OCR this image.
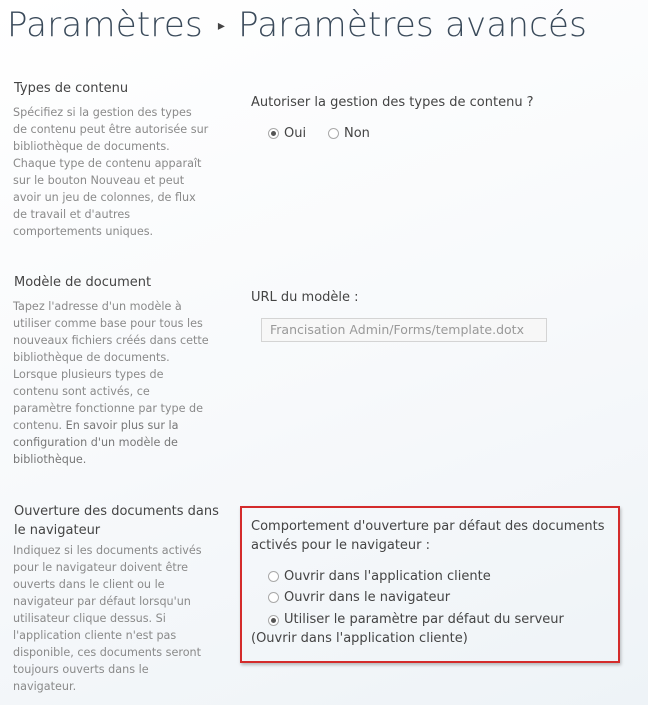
Paramètres ▸ Paramètres avancés
Types de contenu
Spécifiez si la gestion des types de contenu peut être autorisée sur bibliothèque de documents. Chaque type de contenu apparaît sur le bouton Nouveau et peut avoir un jeu de colonnes, de flux de travail et d'autres comportements uniques.
Autoriser la gestion des types de contenu ?
Oui	Non
Modèle de document
Tapez l'adresse d'un modèle à utiliser comme base pour tous les nouveaux fichiers créés dans cette bibliothèque de documents. Lorsque plusieurs types de contenu sont activés, ce paramètre fonctionne par type de contenu. En savoir plus sur la configuration d'un modèle de bibliothèque.
URL du modèle :
Francisation Admin/Forms/template.dotx
Ouverture des documents dans le navigateur
Indiquez si les documents activés pour le navigateur doivent être ouverts dans le client ou le navigateur par défaut lorsqu'un utilisateur clique dessus. Si l'application cliente n'est pas disponible, ces documents seront toujours ouverts dans le navigateur.
Comportement d'ouverture par défaut des documents activés pour le navigateur :
Ouvrir dans l'application cliente
Ouvrir dans le navigateur
Utiliser le paramètre par défaut du serveur (Ouvrir dans l'application cliente)
